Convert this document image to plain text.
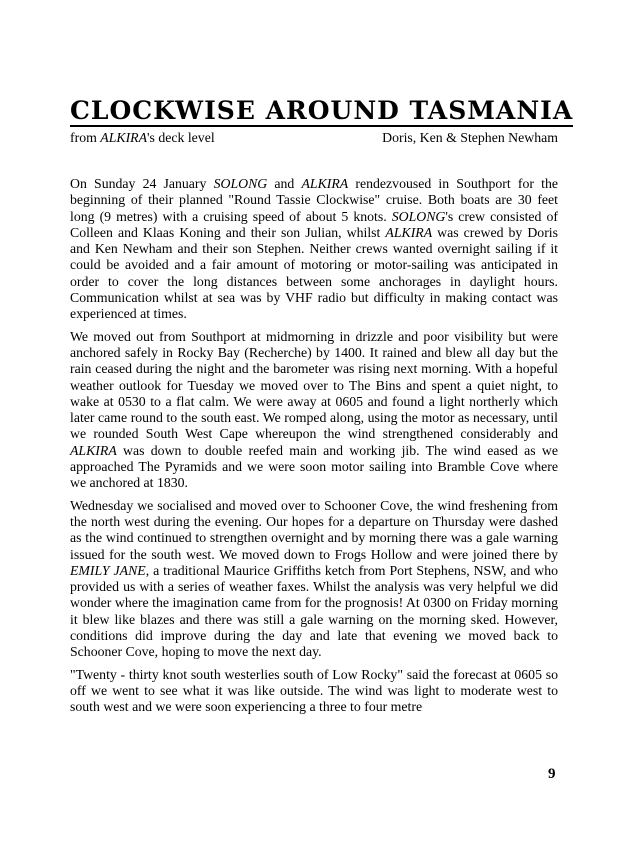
CLOCKWISE AROUND TASMANIA
from ALKIRA's deck level	Doris, Ken & Stephen Newham

On Sunday 24 January SOLONG and ALKIRA rendezvoused in Southport for the beginning of their planned "Round Tassie Clockwise" cruise. Both boats are 30 feet long (9 metres) with a cruising speed of about 5 knots. SOLONG's crew consisted of Colleen and Klaas Koning and their son Julian, whilst ALKIRA was crewed by Doris and Ken Newham and their son Stephen. Neither crews wanted overnight sailing if it could be avoided and a fair amount of motoring or motor-sailing was anticipated in order to cover the long distances between some anchorages in daylight hours. Communication whilst at sea was by VHF radio but difficulty in making contact was experienced at times.

We moved out from Southport at midmorning in drizzle and poor visibility but were anchored safely in Rocky Bay (Recherche) by 1400. It rained and blew all day but the rain ceased during the night and the barometer was rising next morning. With a hopeful weather outlook for Tuesday we moved over to The Bins and spent a quiet night, to wake at 0530 to a flat calm. We were away at 0605 and found a light northerly which later came round to the south east. We romped along, using the motor as necessary, until we rounded South West Cape whereupon the wind strengthened considerably and ALKIRA was down to double reefed main and working jib. The wind eased as we approached The Pyramids and we were soon motor sailing into Bramble Cove where we anchored at 1830.

Wednesday we socialised and moved over to Schooner Cove, the wind freshening from the north west during the evening. Our hopes for a departure on Thursday were dashed as the wind continued to strengthen overnight and by morning there was a gale warning issued for the south west. We moved down to Frogs Hollow and were joined there by EMILY JANE, a traditional Maurice Griffiths ketch from Port Stephens, NSW, and who provided us with a series of weather faxes. Whilst the analysis was very helpful we did wonder where the imagination came from for the prognosis! At 0300 on Friday morning it blew like blazes and there was still a gale warning on the morning sked. However, conditions did improve during the day and late that evening we moved back to Schooner Cove, hoping to move the next day.

"Twenty - thirty knot south westerlies south of Low Rocky" said the forecast at 0605 so off we went to see what it was like outside. The wind was light to moderate west to south west and we were soon experiencing a three to four metre

9
